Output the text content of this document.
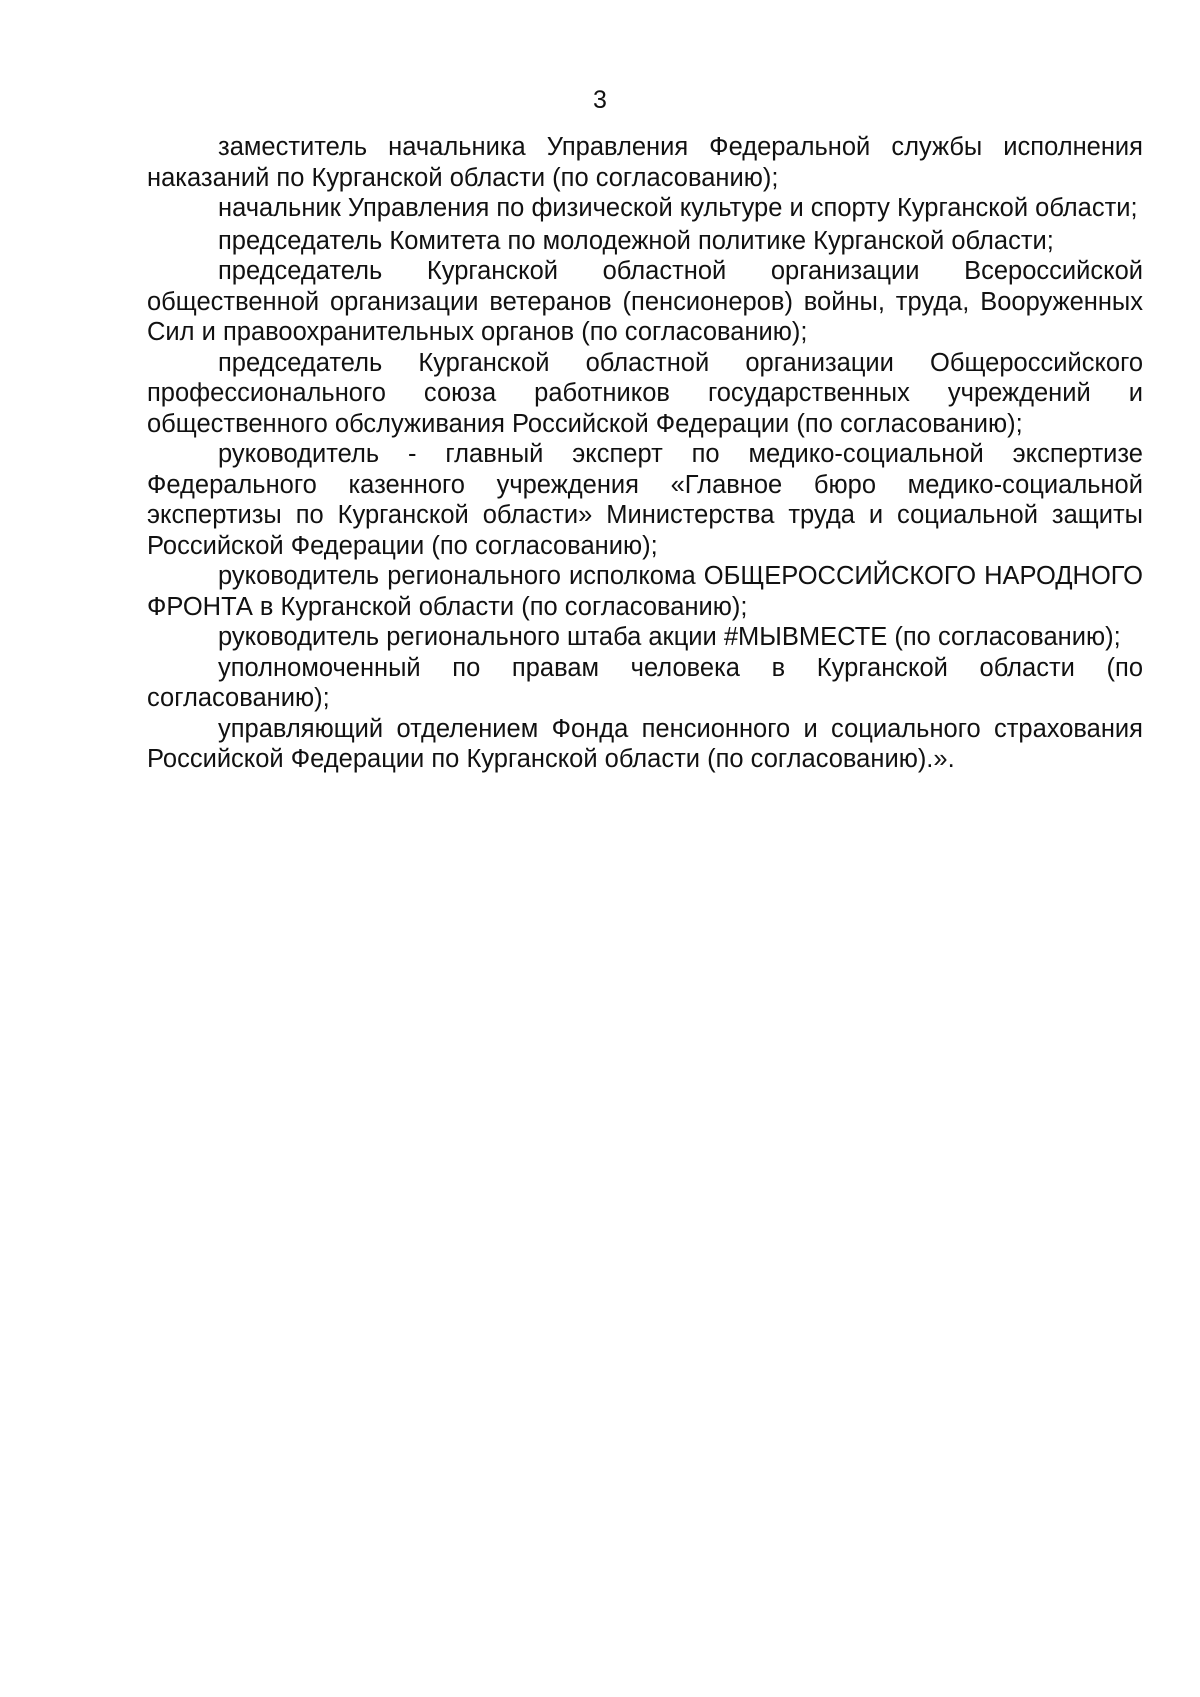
3

заместитель начальника Управления Федеральной службы исполнения наказаний по Курганской области (по согласованию);

начальник Управления по физической культуре и спорту Курганской области;

председатель Комитета по молодежной политике Курганской области;

председатель Курганской областной организации Всероссийской общественной организации ветеранов (пенсионеров) войны, труда, Вооруженных Сил и правоохранительных органов (по согласованию);

председатель Курганской областной организации Общероссийского профессионального союза работников государственных учреждений и общественного обслуживания Российской Федерации (по согласованию);

руководитель - главный эксперт по медико-социальной экспертизе Федерального казенного учреждения «Главное бюро медико-социальной экспертизы по Курганской области» Министерства труда и социальной защиты Российской Федерации (по согласованию);

руководитель регионального исполкома ОБЩЕРОССИЙСКОГО НАРОДНОГО ФРОНТА в Курганской области (по согласованию);

руководитель регионального штаба акции #МЫВМЕСТЕ (по согласованию);

уполномоченный по правам человека в Курганской области (по согласованию);

управляющий отделением Фонда пенсионного и социального страхования Российской Федерации по Курганской области (по согласованию).».
